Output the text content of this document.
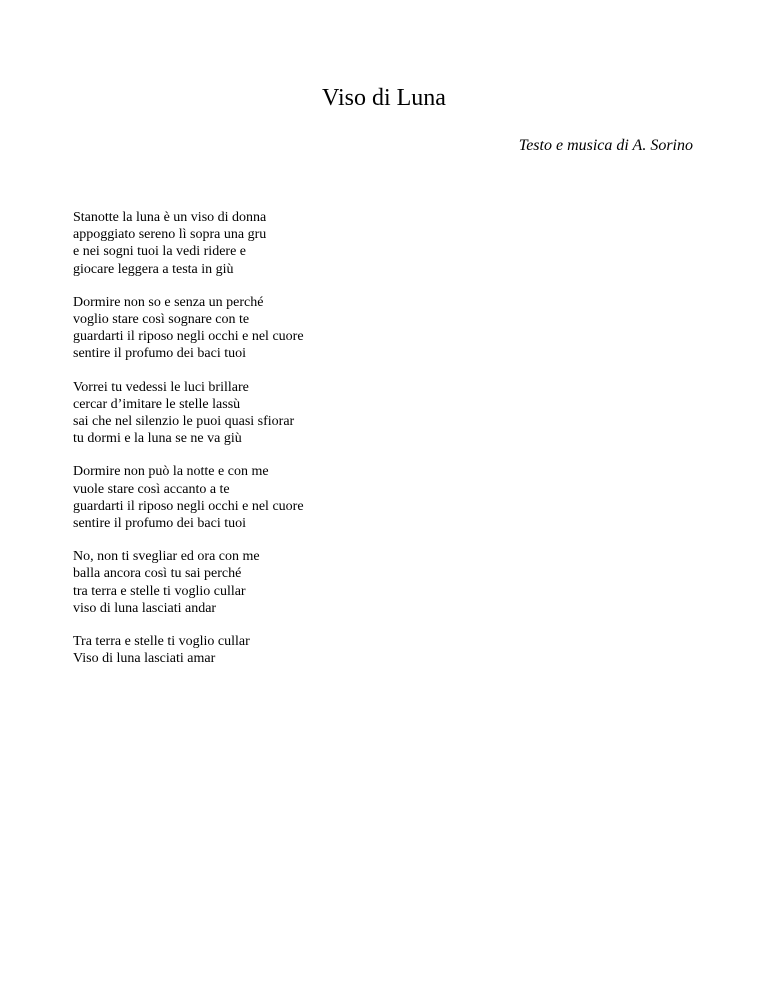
Viso di Luna

Testo e musica di A. Sorino

Stanotte la luna è un viso di donna
appoggiato sereno lì sopra una gru
e nei sogni tuoi la vedi ridere e
giocare leggera a testa in giù
Dormire non so e senza un perché
voglio stare così sognare con te
guardarti il riposo negli occhi e nel cuore
sentire il profumo dei baci tuoi
Vorrei tu vedessi le luci brillare
cercar d’imitare le stelle lassù
sai che nel silenzio le puoi quasi sfiorar
tu dormi e la luna se ne va giù
Dormire non può la notte e con me
vuole stare così accanto a te
guardarti il riposo negli occhi e nel cuore
sentire il profumo dei baci tuoi
No, non ti svegliar ed ora con me
balla ancora così tu sai perché
tra terra e stelle ti voglio cullar
viso di luna lasciati andar
Tra terra e stelle ti voglio cullar
Viso di luna lasciati amar
